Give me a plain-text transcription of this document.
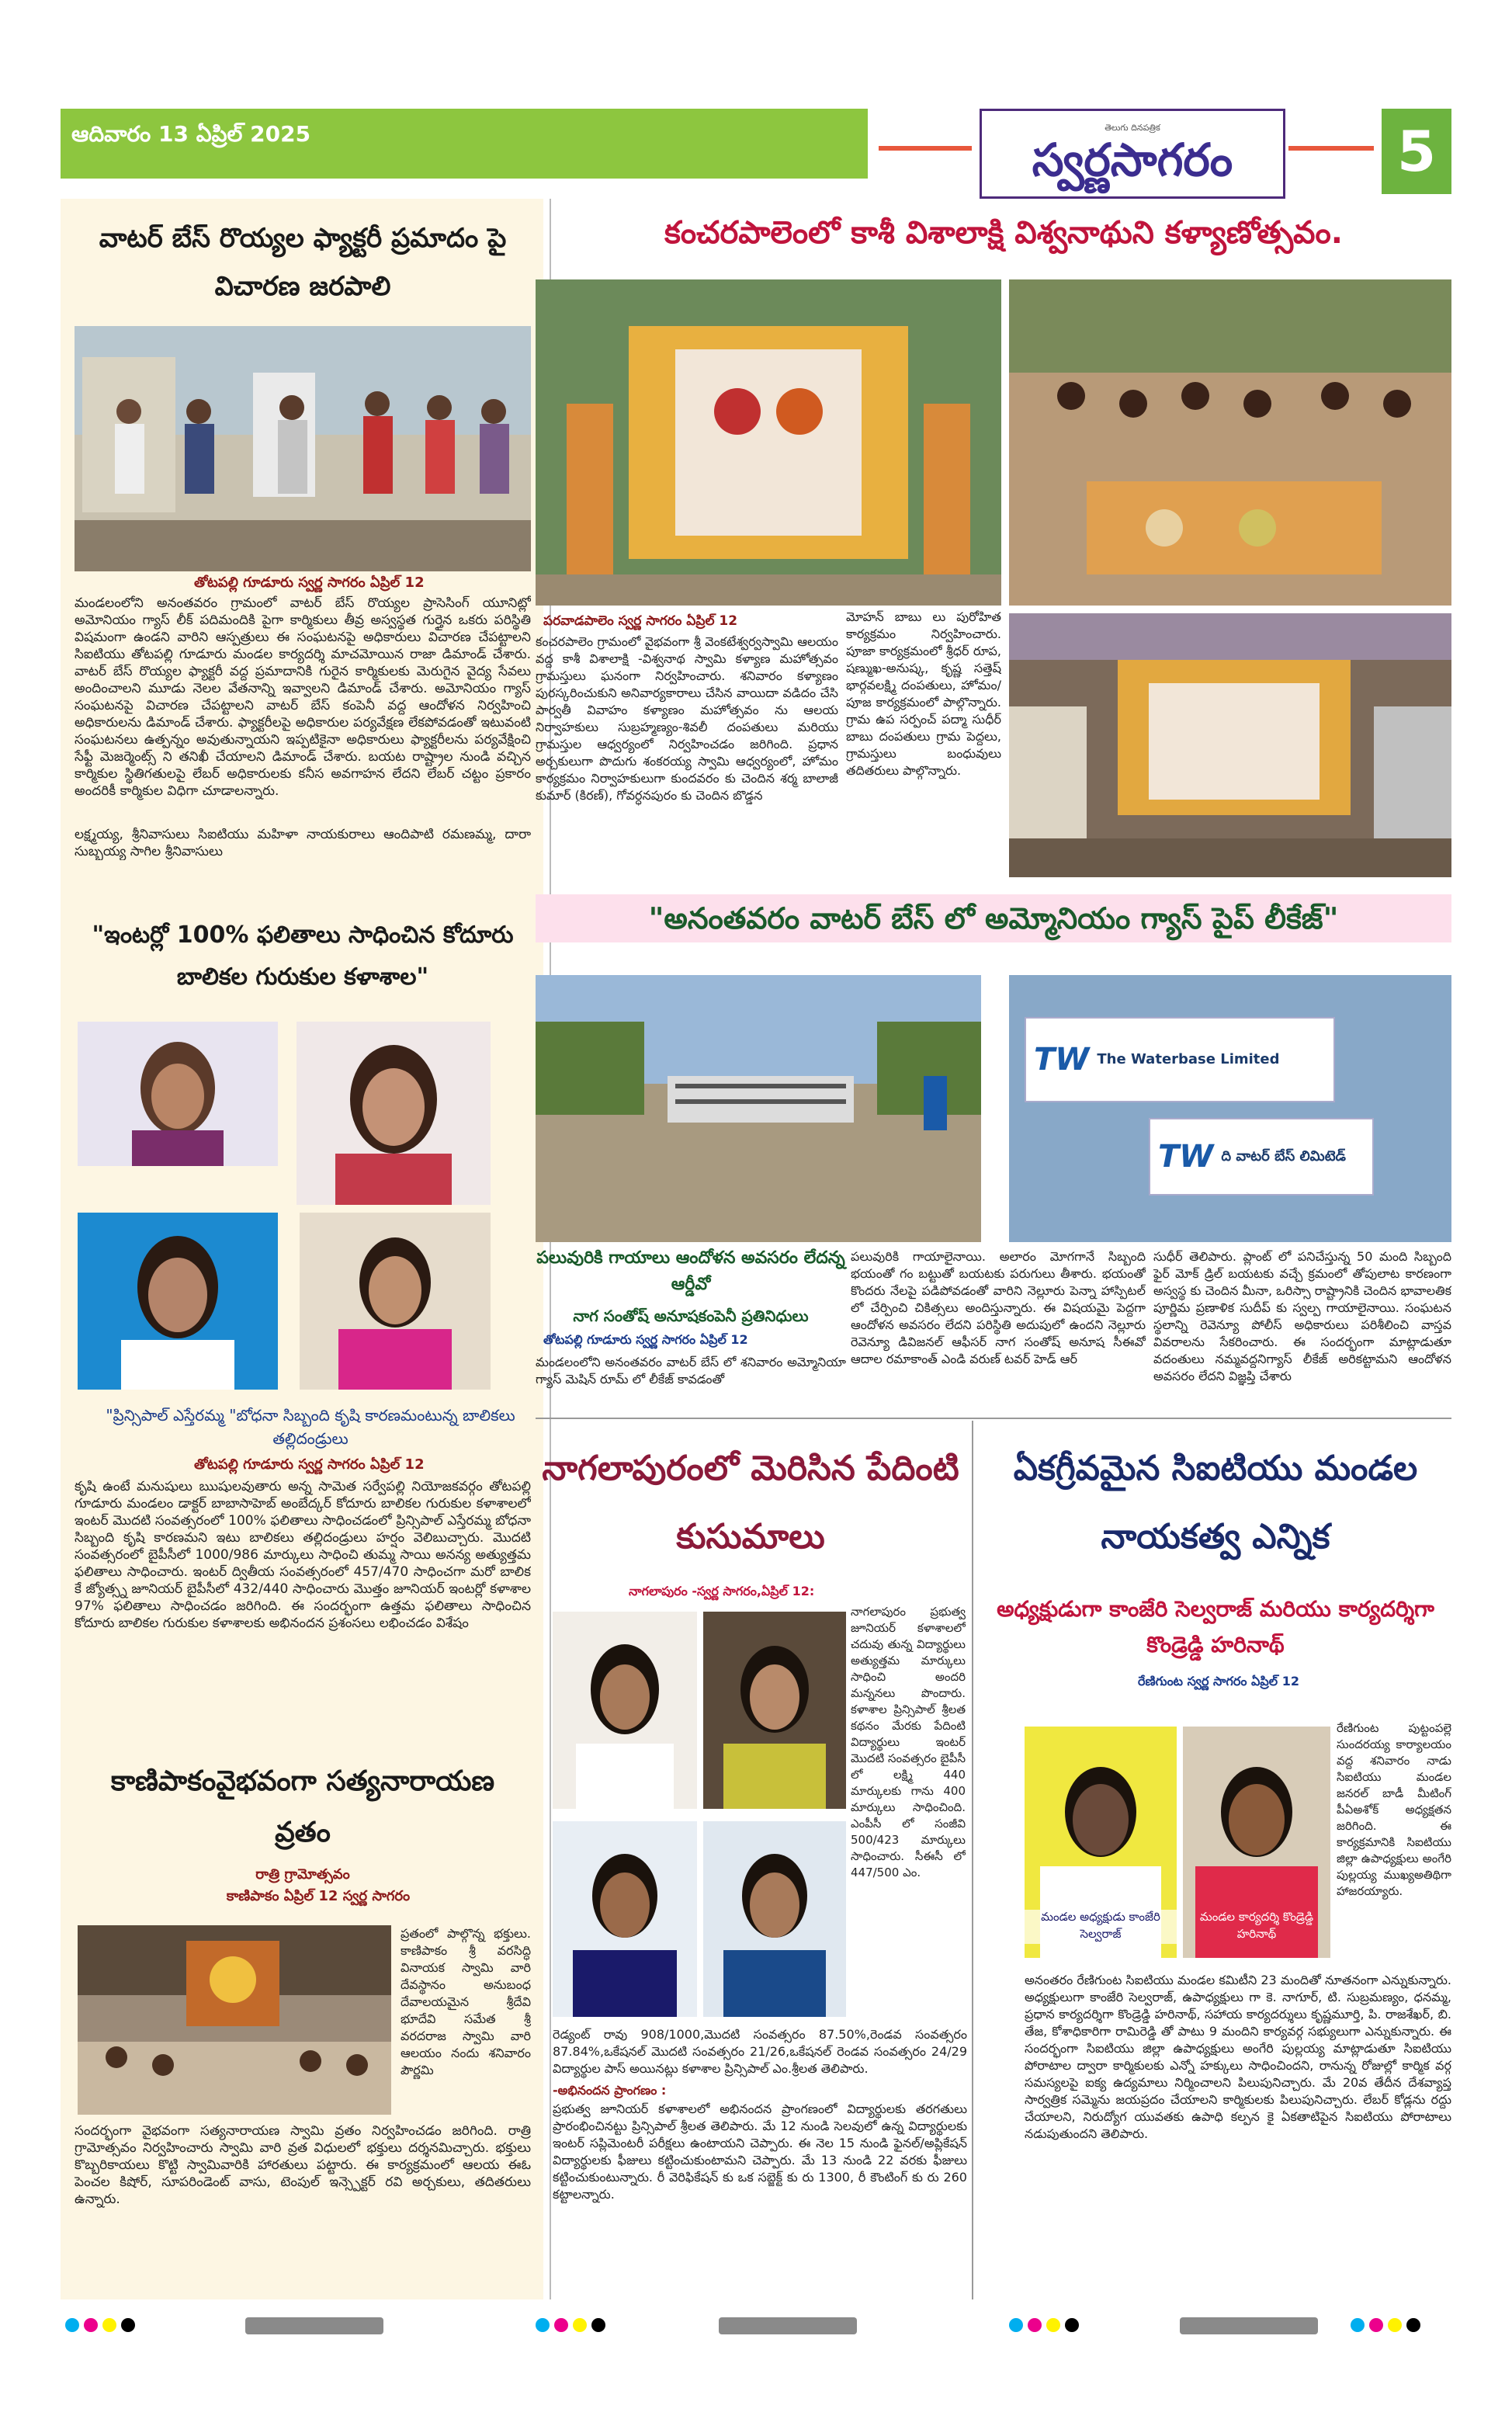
ఆదివారం 13 ఏప్రిల్ 2025	తెలుగు దినపత్రిక
స్వర్ణసాగరం	5
వాటర్ బేస్ రొయ్యల ఫ్యాక్టరీ ప్రమాదం పై విచారణ జరపాలి
తోటపల్లి గూడూరు స్వర్ణ సాగరం ఏప్రిల్ 12
మండలంలోని అనంతవరం గ్రామంలో వాటర్ బేస్ రొయ్యల ప్రాసెసింగ్ యూనిట్లో అమోనియం గ్యాస్ లీక్ పదిమందికి పైగా కార్మికులు తీవ్ర అస్వస్థత గుర్తైన ఒకరు పరిస్థితి విషమంగా ఉండని వారిని ఆస్పత్రులు ఈ సంఘటనపై అధికారులు విచారణ చేపట్టాలని సిఐటియు తోటపల్లి గూడూరు మండల కార్యదర్శి మాచమోయిన రాజా డిమాండ్ చేశారు. వాటర్ బేస్ రొయ్యల ఫ్యాక్టరీ వద్ద ప్రమాదానికి గురైన కార్మికులకు మెరుగైన వైద్య సేవలు అందించాలని మూడు నెలల వేతనాన్ని ఇవ్వాలని డిమాండ్ చేశారు. అమోనియం గ్యాస్ సంఘటనపై విచారణ చేపట్టాలని వాటర్ బేస్ కంపెనీ వద్ద ఆందోళన నిర్వహించి అధికారులను డిమాండ్ చేశారు. ఫ్యాక్టరీలపై అధికారుల పర్యవేక్షణ లేకపోవడంతో ఇటువంటి సంఘటనలు ఉత్పన్నం అవుతున్నాయని ఇప్పటికైనా అధికారులు ఫ్యాక్టరీలను పర్యవేక్షించి సేఫ్టీ మెజర్మెంట్స్ ని తనిఖీ చేయాలని డిమాండ్ చేశారు. బయట రాష్ట్రాల నుండి వచ్చిన కార్మికుల స్థితిగతులపై లేబర్ అధికారులకు కనీస అవగాహన లేదని లేబర్ చట్టం ప్రకారం అందరికీ కార్మికుల విధిగా చూడాలన్నారు.
లక్ష్మయ్య, శ్రీనివాసులు సిఐటియు మహిళా నాయకురాలు ఆందిపాటి రమణమ్మ, దారా సుబ్బయ్య సాగిల శ్రీనివాసులు
"ఇంటర్లో 100% ఫలితాలు సాధించిన కోదూరు బాలికల గురుకుల కళాశాల"
"ప్రిన్సిపాల్ ఎస్తేరమ్మ "బోధనా సిబ్బంది కృషి కారణమంటున్న బాలికలు తల్లిదండ్రులు
తోటపల్లి గూడూరు స్వర్ణ సాగరం ఏప్రిల్ 12
కృషి ఉంటే మనుషులు ఋషులవుతారు అన్న సామెత సర్వేపల్లి నియోజకవర్గం తోటపల్లి గూడూరు మండలం డాక్టర్ బాబాసాహెబ్ అంబేద్కర్ కోదూరు బాలికల గురుకుల కళాశాలలో ఇంటర్ మొదటి సంవత్సరంలో 100% ఫలితాలు సాధించడంలో ప్రిన్సిపాల్ ఎస్తేరమ్మ బోధనా సిబ్బంది కృషి కారణమని ఇటు బాలికలు తల్లిదండ్రులు హర్షం వెలిబుచ్చారు. మొదటి సంవత్సరంలో బైపీసీలో 1000/986 మార్కులు సాధించి తుమ్మ సాయి అనన్య అత్యుత్తమ ఫలితాలు సాధించారు. ఇంటర్ ద్వితీయ సంవత్సరంలో 457/470 సాధించగా మరో బాలిక కే జ్యోత్స్న జూనియర్ బైపీసీలో 432/440 సాధించారు మొత్తం జూనియర్ ఇంటర్లో కళాశాల 97% ఫలితాలు సాధించడం జరిగింది. ఈ సందర్భంగా ఉత్తమ ఫలితాలు సాధించిన కోదూరు బాలికల గురుకుల కళాశాలకు అభినందన ప్రశంసలు లభించడం విశేషం
కాణిపాకంవైభవంగా సత్యనారాయణ వ్రతం
రాత్రి గ్రామోత్సవం
కాణిపాకం ఏప్రిల్ 12 స్వర్ణ సాగరం
ప్రతంలో పాల్గొన్న భక్తులు. కాణిపాకం శ్రీ వరసిద్ధి వినాయక స్వామి వారి దేవస్థానం అనుబంధ దేవాలయమైన శ్రీదేవి భూదేవి సమేత శ్రీ వరదరాజ స్వామి వారి ఆలయం నందు శనివారం పౌర్ణమి
సందర్భంగా వైభవంగా సత్యనారాయణ స్వామి వ్రతం నిర్వహించడం జరిగింది. రాత్రి గ్రామోత్సవం నిర్వహించారు స్వామి వారి వ్రత విధులలో భక్తులు దర్శనమిచ్చారు. భక్తులు కొబ్బరికాయలు కొట్టి స్వామివారికి హారతులు పట్టారు. ఈ కార్యక్రమంలో ఆలయ ఈఓ పెంచల కిషోర్, సూపరిండెంట్ వాసు, టెంపుల్ ఇన్స్పెక్టర్ రవి అర్చకులు, తదితరులు ఉన్నారు.
కంచరపాలెంలో కాశీ విశాలాక్షి విశ్వనాథుని కళ్యాణోత్సవం.
పరవాడపాలెం స్వర్ణ సాగరం ఏప్రిల్ 12
కంచరపాలెం గ్రామంలో వైభవంగా శ్రీ వెంకటేశ్వర్వస్వామి ఆలయం వద్ద కాశీ విశాలాక్షి -విశ్వనాథ స్వామి కళ్యాణ మహోత్సవం గ్రామస్తులు ఘనంగా నిర్వహించారు. శనివారం కళ్యాణం పురస్కరించుకుని అనివార్యకారాలు చేసిన వాయిదా వడిదం చేసి పార్వతీ వివాహం కళ్యాణం మహోత్సవం ను ఆలయ నిర్వాహకులు సుబ్రహ్మణ్యం-శివలీ దంపతులు మరియు గ్రామస్తుల ఆధ్వర్యంలో నిర్వహించడం జరిగింది. ప్రధాన అర్చకులుగా పొదుగు శంకరయ్య స్వామి ఆధ్వర్యంలో, హోమం కార్యక్రమం నిర్వాహకులుగా కుందవరం కు చెందిన శర్మ బాలాజీ కుమార్ (కిరణ్), గోవర్ధనపురం కు చెందిన బొడ్డన
మోహన్ బాబు లు పురోహిత కార్యక్రమం నిర్వహించారు. పూజా కార్యక్రమంలో శ్రీధర్ రూప, షణ్ముఖ-అనుష్క, కృష్ణ సత్తెష్ భార్గవలక్ష్మి దంపతులు, హోమం/పూజ కార్యక్రమంలో పాల్గొన్నారు. గ్రామ ఉప సర్పంచ్ పద్మా సుధీర్ బాబు దంపతులు గ్రామ పెద్దలు, గ్రామస్తులు బంధువులు తదితరులు పాల్గొన్నారు.
"అనంతవరం వాటర్ బేస్ లో అమ్మోనియం గ్యాస్ పైప్ లీకేజ్"
TW The Waterbase Limited
TW ది వాటర్ బేస్ లిమిటెడ్
పలువురికి గాయాలు ఆందోళన అవసరం లేదన్న ఆర్డీవో
నాగ సంతోష్ అనూషకంపెనీ ప్రతినిధులు
తోటపల్లి గూడూరు స్వర్ణ సాగరం ఏప్రిల్ 12
మండలంలోని అనంతవరం వాటర్ బేస్ లో శనివారం అమ్మోనియా గ్యాస్ మెషిన్ రూమ్ లో లీకేజ్ కావడంతో
పలువురికి గాయాలైనాయి. అలారం మోగగానే సిబ్బంది భయంతో గం బట్టుతో బయటకు పరుగులు తీశారు. భయంతో కొందరు నేలపై పడిపోవడంతో వారిని నెల్లూరు పెన్నా హాస్పిటల్ లో చేర్పించి చికిత్సలు అందిస్తున్నారు. ఈ విషయమై పెద్దగా ఆందోళన అవసరం లేదని పరిస్థితి అదుపులో ఉందని నెల్లూరు రెవెన్యూ డివిజనల్ ఆఫీసర్ నాగ సంతోష్ అనూష సీఈవో ఆదాల రమాకాంత్ ఎండి వరుణ్ టవర్ హెడ్ ఆర్
సుధీర్ తెలిపారు. ప్లాంట్ లో పనిచేస్తున్న 50 మంది సిబ్బంది ఫైర్ మోక్ డ్రిల్ బయటకు వచ్చే క్రమంలో తోపులాట కారణంగా అస్వస్థ కు చెందిన మీనా, ఒరిస్సా రాష్ట్రానికి చెందిన భావాలతిక పూర్ణిమ ప్రణాళిక సుదీప్ కు స్వల్ప గాయాలైనాయి. సంఘటన స్థలాన్ని రెవెన్యూ పోలీస్ అధికారులు పరిశీలించి వాస్తవ వివరాలను సేకరించారు. ఈ సందర్భంగా మాట్లాడుతూ వదంతులు నమ్మవద్దనిగ్యాస్ లీకేజ్ అరికట్టామని ఆందోళన అవసరం లేదని విజ్ఞప్తి చేశారు
నాగలాపురంలో మెరిసిన పేదింటి కుసుమాలు
నాగలాపురం -స్వర్ణ సాగరం,ఏప్రిల్ 12:
నాగలాపురం ప్రభుత్వ జూనియర్ కళాశాలలో చదువు తున్న విద్యార్థులు అత్యుత్తమ మార్కులు సాధించి అందరి మన్ననలు పొందారు. కళాశాల ప్రిన్సిపాల్ శ్రీలత కథనం మేరకు పేదింటి విద్యార్థులు ఇంటర్ మొదటి సంవత్సరం బైపీసీ లో లక్ష్మి 440 మార్కులకు గాను 400 మార్కులు సాధించింది. ఎంపీసీ లో సంజీవి 500/423 మార్కులు సాధించారు. సీఈసీ లో 447/500 ఎం.
రెడ్యంట్ రావు 908/1000,మొదటి సంవత్సరం 87.50%,రెండవ సంవత్సరం 87.84%,ఒకేషనల్ మొదటి సంవత్సరం 21/26,ఒకేషనల్ రెండవ సంవత్సరం 24/29 విద్యార్థుల పాస్ అయినట్లు కళాశాల ప్రిన్సిపాల్ ఎం.శ్రీలత తెలిపారు.
-అభినందన ప్రాంగణం :
ప్రభుత్వ జూనియర్ కళాశాలలో అభినందన ప్రాంగణంలో విద్యార్థులకు తరగతులు ప్రారంభించినట్టు ప్రిన్సిపాల్ శ్రీలత తెలిపారు. మే 12 నుండి సెలవులో ఉన్న విద్యార్థులకు ఇంటర్ సప్లిమెంటరీ పరీక్షలు ఉంటాయని చెప్పారు. ఈ నెల 15 నుండి ఫైనల్/అప్లికేషన్ విద్యార్థులకు ఫీజులు కట్టించుకుంటామని చెప్పారు. మే 13 నుండి 22 వరకు ఫీజులు కట్టించుకుంటున్నారు. రీ వెరిఫికేషన్ కు ఒక సబ్జెక్ట్ కు రు 1300, రీ కౌంటింగ్ కు రు 260 కట్టాలన్నారు.
ఏకగ్రీవమైన సిఐటియు మండల నాయకత్వ ఎన్నిక
అధ్యక్షుడుగా కాంజేరి సెల్వరాజ్ మరియు కార్యదర్శిగా కొండ్రెడ్డి హరినాథ్
రేణిగుంట స్వర్ణ సాగరం ఏప్రిల్ 12
మండల అధ్యక్షుడు కాంజేరి సెల్వరాజ్
మండల కార్యదర్శి కొండ్రెడ్డి హరినాథ్
రేణిగుంట పుట్టంపల్లె సుందరయ్య కార్యాలయం వద్ద శనివారం నాడు సిఐటియు మండల జనరల్ బాడీ మీటింగ్ పీఏఅశోక్ అధ్యక్షతన జరిగింది. ఈ కార్యక్రమానికి సిఐటియు జిల్లా ఉపాధ్యక్షులు అంగేరి పుల్లయ్య ముఖ్యఅతిథిగా హాజరయ్యారు.
అనంతరం రేణిగుంట సిఐటియు మండల కమిటీని 23 మందితో నూతనంగా ఎన్నుకున్నారు. అధ్యక్షులుగా కాంజేరి సెల్వరాజ్, ఉపాధ్యక్షులు గా కె. నాగూర్, టి. సుబ్రమణ్యం, ధనమ్మ, ప్రధాన కార్యదర్శిగా కొండ్రెడ్డి హరినాథ్, సహాయ కార్యదర్శులు కృష్ణమూర్తి, పి. రాజశేఖర్, బి. తేజ, కోశాధికారిగా రామిరెడ్డి తో పాటు 9 మందిని కార్యవర్గ సభ్యులుగా ఎన్నుకున్నారు. ఈ సందర్భంగా సిఐటియు జిల్లా ఉపాధ్యక్షులు అంగేరి పుల్లయ్య మాట్లాడుతూ సిఐటియు పోరాటాల ద్వారా కార్మికులకు ఎన్నో హక్కులు సాధించిందని, రానున్న రోజుల్లో కార్మిక వర్గ సమస్యలపై ఐక్య ఉద్యమాలు నిర్మించాలని పిలుపునిచ్చారు. మే 20వ తేదీన దేశవ్యాప్త సార్వత్రిక సమ్మెను జయప్రదం చేయాలని కార్మికులకు పిలుపునిచ్చారు. లేబర్ కోడ్లను రద్దు చేయాలని, నిరుద్యోగ యువతకు ఉపాధి కల్పన కై ఏకతాటిపైన సిఐటియు పోరాటాలు నడుపుతుందని తెలిపారు.
